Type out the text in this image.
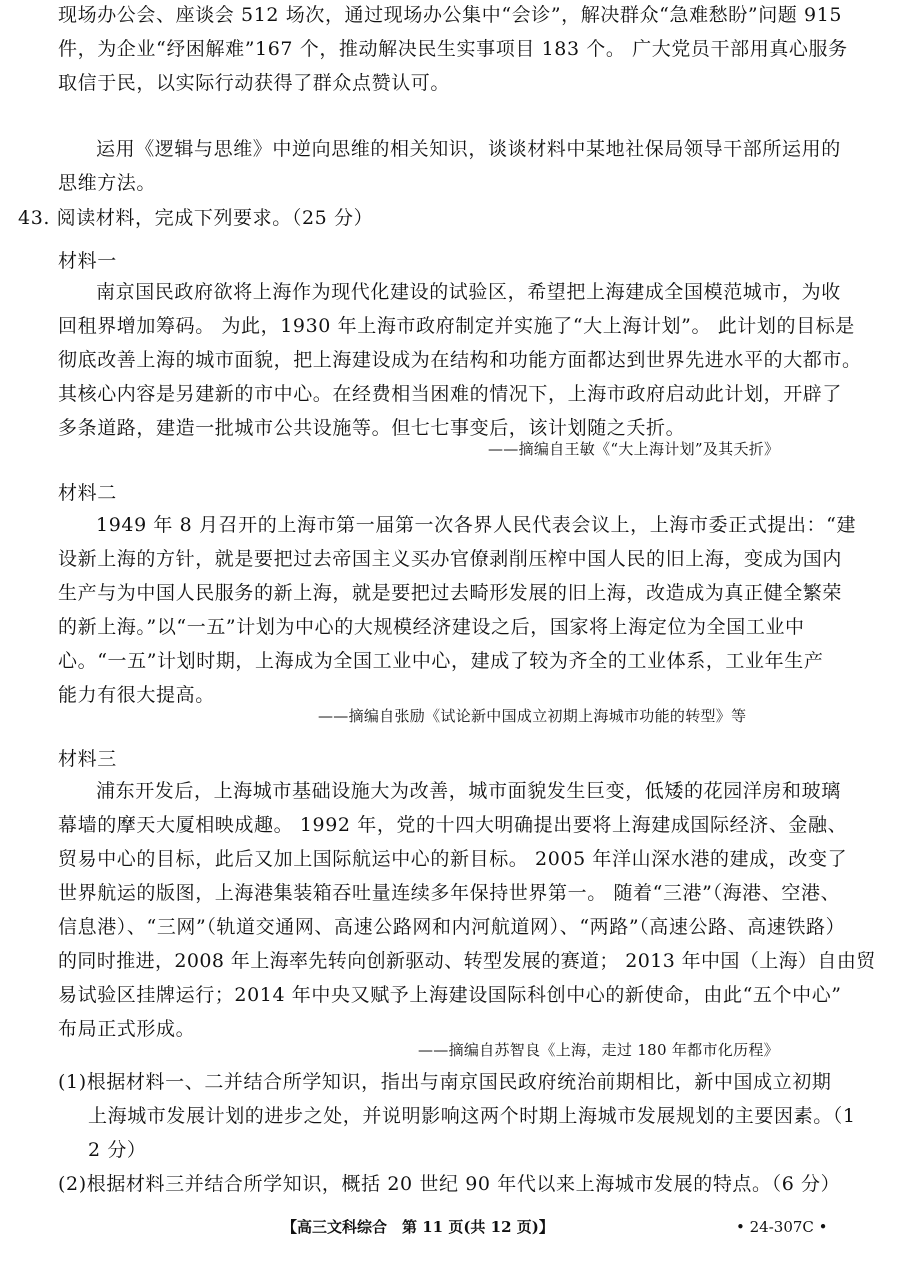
现场办公会、座谈会 512 场次，通过现场办公集中“会诊”，解决群众“急难愁盼”问题 915
件，为企业“纾困解难”167 个，推动解决民生实事项目 183 个。 广大党员干部用真心服务
取信于民，以实际行动获得了群众点赞认可。
运用《逻辑与思维》中逆向思维的相关知识，谈谈材料中某地社保局领导干部所运用的
思维方法。
43. 阅读材料，完成下列要求。（25 分）
材料一
南京国民政府欲将上海作为现代化建设的试验区，希望把上海建成全国模范城市，为收
回租界增加筹码。 为此，1930 年上海市政府制定并实施了“大上海计划”。 此计划的目标是
彻底改善上海的城市面貌，把上海建设成为在结构和功能方面都达到世界先进水平的大都市。
其核心内容是另建新的市中心。在经费相当困难的情况下，上海市政府启动此计划，开辟了
多条道路，建造一批城市公共设施等。但七七事变后，该计划随之夭折。
——摘编自王敏《“大上海计划”及其夭折》
材料二
1949 年 8 月召开的上海市第一届第一次各界人民代表会议上，上海市委正式提出：“建
设新上海的方针，就是要把过去帝国主义买办官僚剥削压榨中国人民的旧上海，变成为国内
生产与为中国人民服务的新上海，就是要把过去畸形发展的旧上海，改造成为真正健全繁荣
的新上海。”以“一五”计划为中心的大规模经济建设之后，国家将上海定位为全国工业中
心。“一五”计划时期，上海成为全国工业中心，建成了较为齐全的工业体系，工业年生产
能力有很大提高。
——摘编自张励《试论新中国成立初期上海城市功能的转型》等
材料三
浦东开发后，上海城市基础设施大为改善，城市面貌发生巨变，低矮的花园洋房和玻璃
幕墙的摩天大厦相映成趣。 1992 年，党的十四大明确提出要将上海建成国际经济、金融、
贸易中心的目标，此后又加上国际航运中心的新目标。 2005 年洋山深水港的建成，改变了
世界航运的版图，上海港集装箱吞吐量连续多年保持世界第一。 随着“三港”（海港、空港、
信息港）、“三网”（轨道交通网、高速公路网和内河航道网）、“两路”（高速公路、高速铁路）
的同时推进，2008 年上海率先转向创新驱动、转型发展的赛道； 2013 年中国（上海）自由贸
易试验区挂牌运行；2014 年中央又赋予上海建设国际科创中心的新使命，由此“五个中心”
布局正式形成。
——摘编自苏智良《上海，走过 180 年都市化历程》
(1)根据材料一、二并结合所学知识，指出与南京国民政府统治前期相比，新中国成立初期
上海城市发展计划的进步之处，并说明影响这两个时期上海城市发展规划的主要因素。（1
2 分）
(2)根据材料三并结合所学知识，概括 20 世纪 90 年代以来上海城市发展的特点。（6 分）
【高三文科综合　第 11 页(共 12 页)】	• 24-307C •
